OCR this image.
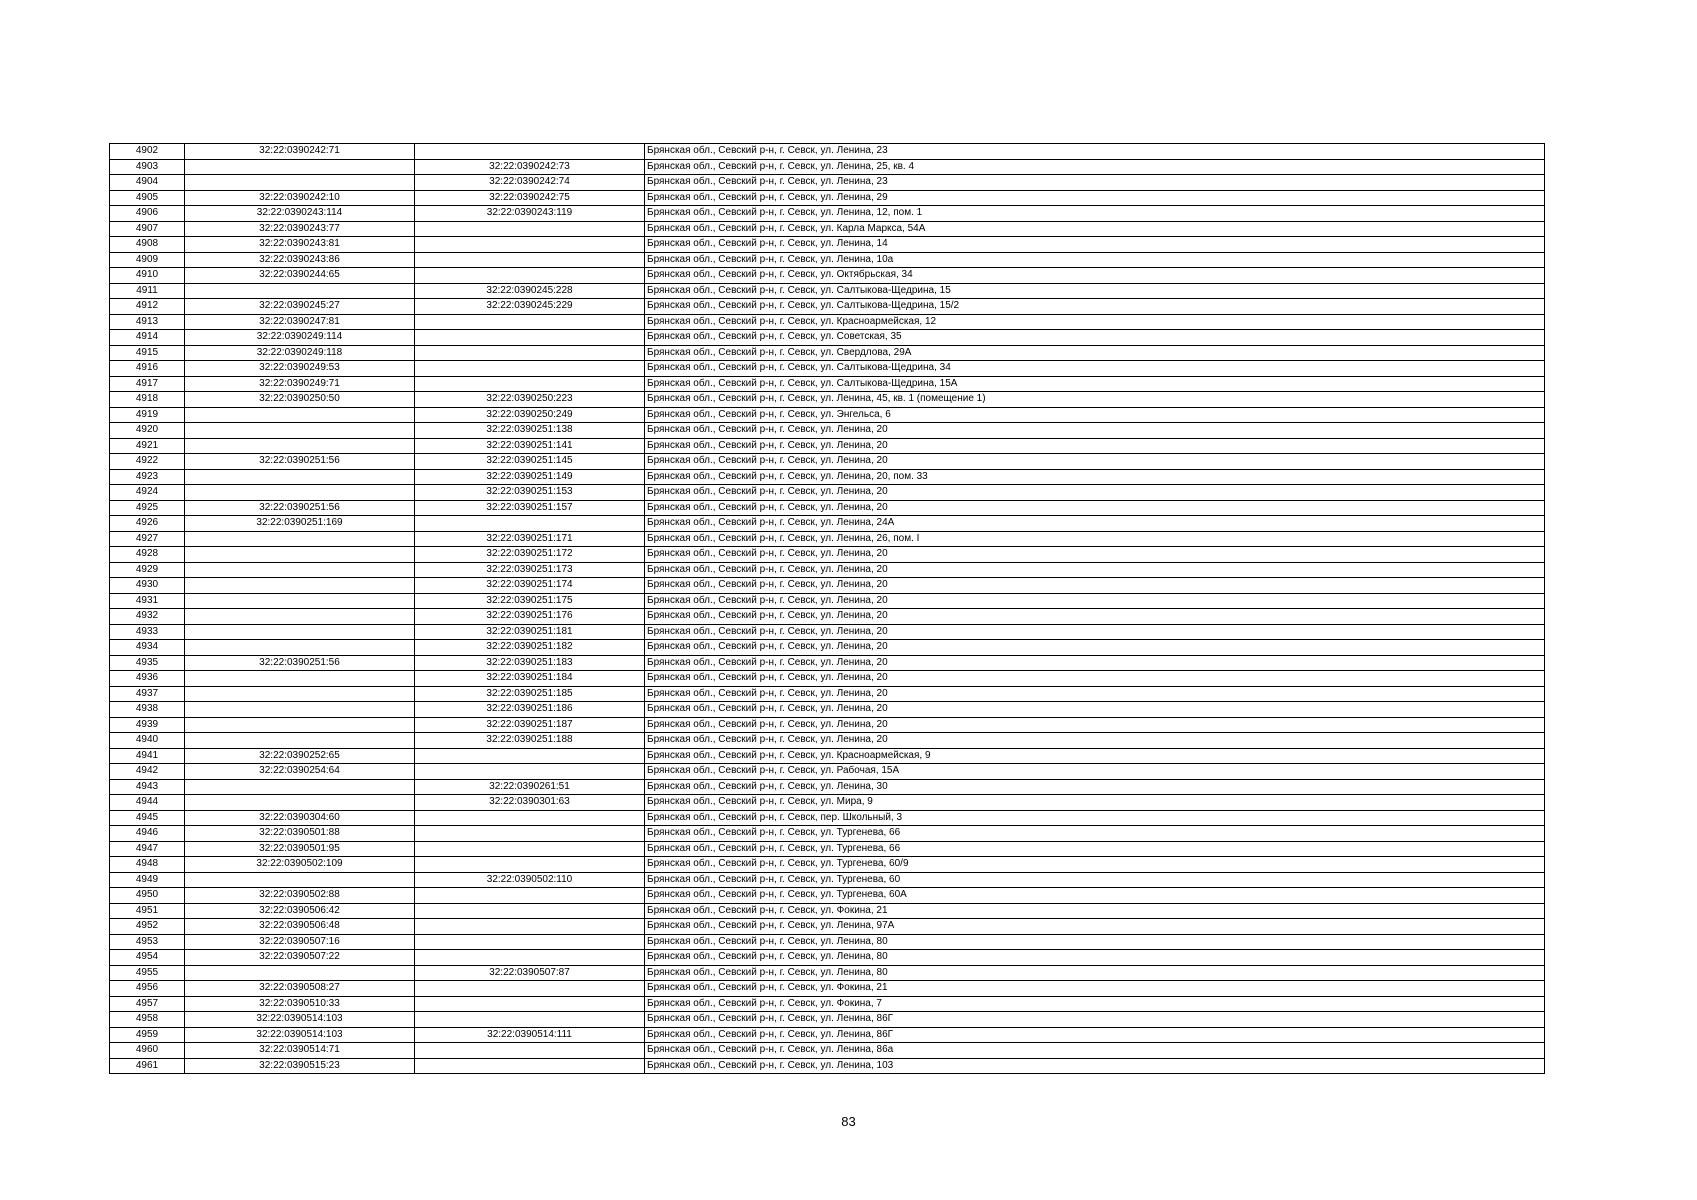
4902	32:22:0390242:71		Брянская обл., Севский р-н, г. Севск, ул. Ленина, 23
4903		32:22:0390242:73	Брянская обл., Севский р-н, г. Севск, ул. Ленина, 25, кв. 4
4904		32:22:0390242:74	Брянская обл., Севский р-н, г. Севск, ул. Ленина, 23
4905	32:22:0390242:10	32:22:0390242:75	Брянская обл., Севский р-н, г. Севск, ул. Ленина, 29
4906	32:22:0390243:114	32:22:0390243:119	Брянская обл., Севский р-н, г. Севск, ул. Ленина, 12, пом. 1
4907	32:22:0390243:77		Брянская обл., Севский р-н, г. Севск, ул. Карла Маркса, 54А
4908	32:22:0390243:81		Брянская обл., Севский р-н, г. Севск, ул. Ленина, 14
4909	32:22:0390243:86		Брянская обл., Севский р-н, г. Севск, ул. Ленина, 10а
4910	32:22:0390244:65		Брянская обл., Севский р-н, г. Севск, ул. Октябрьская, 34
4911		32:22:0390245:228	Брянская обл., Севский р-н, г. Севск, ул. Салтыкова-Щедрина, 15
4912	32:22:0390245:27	32:22:0390245:229	Брянская обл., Севский р-н, г. Севск, ул. Салтыкова-Щедрина, 15/2
4913	32:22:0390247:81		Брянская обл., Севский р-н, г. Севск, ул. Красноармейская, 12
4914	32:22:0390249:114		Брянская обл., Севский р-н, г. Севск, ул. Советская, 35
4915	32:22:0390249:118		Брянская обл., Севский р-н, г. Севск, ул. Свердлова, 29А
4916	32:22:0390249:53		Брянская обл., Севский р-н, г. Севск, ул. Салтыкова-Щедрина, 34
4917	32:22:0390249:71		Брянская обл., Севский р-н, г. Севск, ул. Салтыкова-Щедрина, 15А
4918	32:22:0390250:50	32:22:0390250:223	Брянская обл., Севский р-н, г. Севск, ул. Ленина, 45, кв. 1 (помещение 1)
4919		32:22:0390250:249	Брянская обл., Севский р-н, г. Севск, ул. Энгельса, 6
4920		32:22:0390251:138	Брянская обл., Севский р-н, г. Севск, ул. Ленина, 20
4921		32:22:0390251:141	Брянская обл., Севский р-н, г. Севск, ул. Ленина, 20
4922	32:22:0390251:56	32:22:0390251:145	Брянская обл., Севский р-н, г. Севск, ул. Ленина, 20
4923		32:22:0390251:149	Брянская обл., Севский р-н, г. Севск, ул. Ленина, 20, пом. 33
4924		32:22:0390251:153	Брянская обл., Севский р-н, г. Севск, ул. Ленина, 20
4925	32:22:0390251:56	32:22:0390251:157	Брянская обл., Севский р-н, г. Севск, ул. Ленина, 20
4926	32:22:0390251:169		Брянская обл., Севский р-н, г. Севск, ул. Ленина, 24А
4927		32:22:0390251:171	Брянская обл., Севский р-н, г. Севск, ул. Ленина, 26, пом. I
4928		32:22:0390251:172	Брянская обл., Севский р-н, г. Севск, ул. Ленина, 20
4929		32:22:0390251:173	Брянская обл., Севский р-н, г. Севск, ул. Ленина, 20
4930		32:22:0390251:174	Брянская обл., Севский р-н, г. Севск, ул. Ленина, 20
4931		32:22:0390251:175	Брянская обл., Севский р-н, г. Севск, ул. Ленина, 20
4932		32:22:0390251:176	Брянская обл., Севский р-н, г. Севск, ул. Ленина, 20
4933		32:22:0390251:181	Брянская обл., Севский р-н, г. Севск, ул. Ленина, 20
4934		32:22:0390251:182	Брянская обл., Севский р-н, г. Севск, ул. Ленина, 20
4935	32:22:0390251:56	32:22:0390251:183	Брянская обл., Севский р-н, г. Севск, ул. Ленина, 20
4936		32:22:0390251:184	Брянская обл., Севский р-н, г. Севск, ул. Ленина, 20
4937		32:22:0390251:185	Брянская обл., Севский р-н, г. Севск, ул. Ленина, 20
4938		32:22:0390251:186	Брянская обл., Севский р-н, г. Севск, ул. Ленина, 20
4939		32:22:0390251:187	Брянская обл., Севский р-н, г. Севск, ул. Ленина, 20
4940		32:22:0390251:188	Брянская обл., Севский р-н, г. Севск, ул. Ленина, 20
4941	32:22:0390252:65		Брянская обл., Севский р-н, г. Севск, ул. Красноармейская, 9
4942	32:22:0390254:64		Брянская обл., Севский р-н, г. Севск, ул. Рабочая, 15А
4943		32:22:0390261:51	Брянская обл., Севский р-н, г. Севск, ул. Ленина, 30
4944		32:22:0390301:63	Брянская обл., Севский р-н, г. Севск, ул. Мира, 9
4945	32:22:0390304:60		Брянская обл., Севский р-н, г. Севск, пер. Школьный, 3
4946	32:22:0390501:88		Брянская обл., Севский р-н, г. Севск, ул. Тургенева, 66
4947	32:22:0390501:95		Брянская обл., Севский р-н, г. Севск, ул. Тургенева, 66
4948	32:22:0390502:109		Брянская обл., Севский р-н, г. Севск, ул. Тургенева, 60/9
4949		32:22:0390502:110	Брянская обл., Севский р-н, г. Севск, ул. Тургенева, 60
4950	32:22:0390502:88		Брянская обл., Севский р-н, г. Севск, ул. Тургенева, 60А
4951	32:22:0390506:42		Брянская обл., Севский р-н, г. Севск, ул. Фокина, 21
4952	32:22:0390506:48		Брянская обл., Севский р-н, г. Севск, ул. Ленина, 97А
4953	32:22:0390507:16		Брянская обл., Севский р-н, г. Севск, ул. Ленина, 80
4954	32:22:0390507:22		Брянская обл., Севский р-н, г. Севск, ул. Ленина, 80
4955		32:22:0390507:87	Брянская обл., Севский р-н, г. Севск, ул. Ленина, 80
4956	32:22:0390508:27		Брянская обл., Севский р-н, г. Севск, ул. Фокина, 21
4957	32:22:0390510:33		Брянская обл., Севский р-н, г. Севск, ул. Фокина, 7
4958	32:22:0390514:103		Брянская обл., Севский р-н, г. Севск, ул. Ленина, 86Г
4959	32:22:0390514:103	32:22:0390514:111	Брянская обл., Севский р-н, г. Севск, ул. Ленина, 86Г
4960	32:22:0390514:71		Брянская обл., Севский р-н, г. Севск, ул. Ленина, 86а
4961	32:22:0390515:23		Брянская обл., Севский р-н, г. Севск, ул. Ленина, 103
83
